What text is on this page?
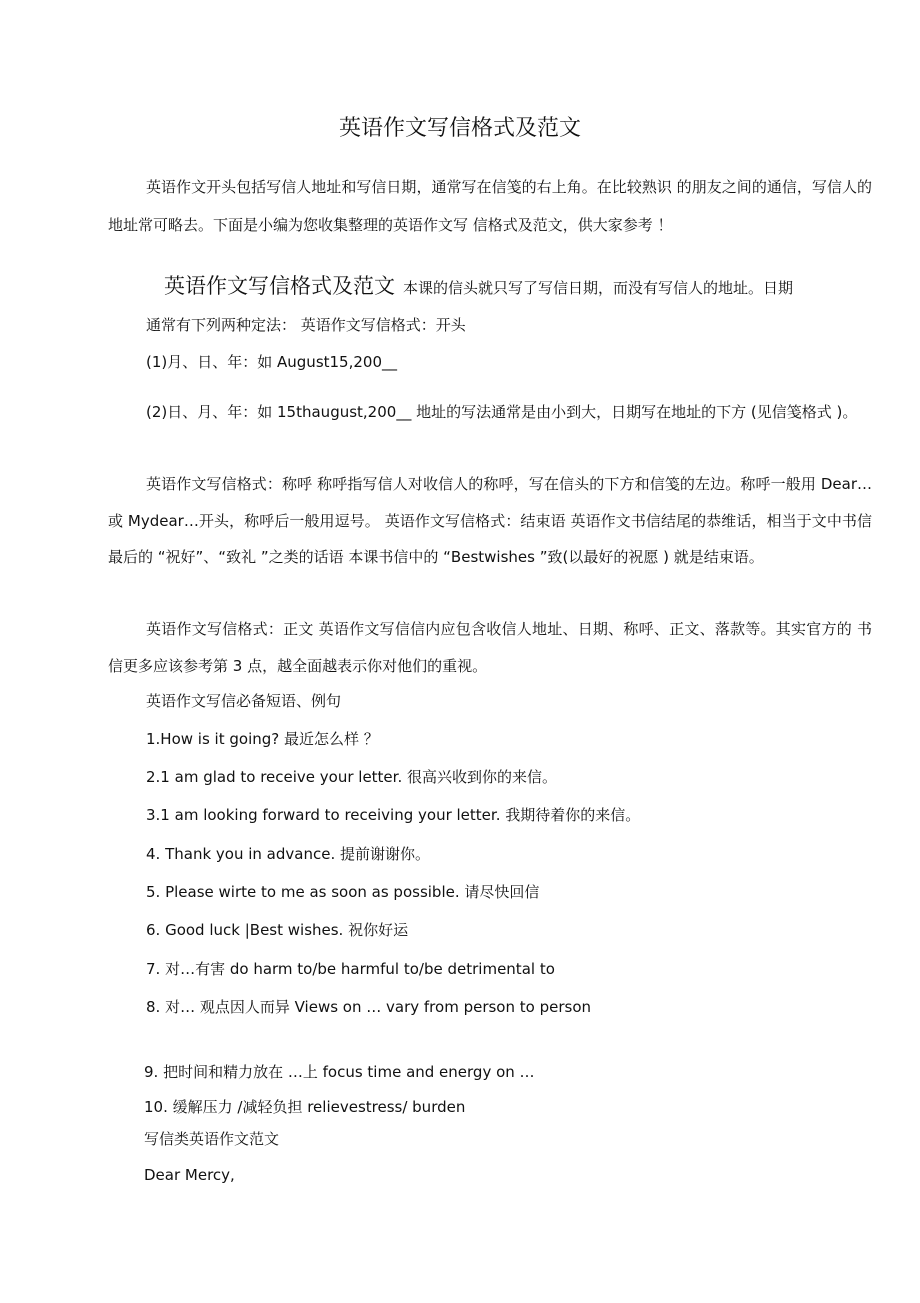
英语作文写信格式及范文
英语作文开头包括写信人地址和写信日期，通常写在信笺的右上角。在比较熟识 的朋友之间的通信，写信人的地址常可略去。下面是小编为您收集整理的英语作文写 信格式及范文，供大家参考 ！
英语作文写信格式及范文 本课的信头就只写了写信日期，而没有写信人的地址。日期
通常有下列两种定法： 英语作文写信格式：开头
(1)月、日、年：如 August15,200__
(2)日、月、年：如 15thaugust,200__ 地址的写法通常是由小到大，日期写在地址的下方 (见信笺格式 )。
英语作文写信格式：称呼 称呼指写信人对收信人的称呼，写在信头的下方和信笺的左边。称呼一般用 Dear…或 Mydear…开头，称呼后一般用逗号。 英语作文写信格式：结束语 英语作文书信结尾的恭维话，相当于文中书信最后的 “祝好”、“致礼 ”之类的话语 本课书信中的 “Bestwishes ”致(以最好的祝愿 ) 就是结束语。
英语作文写信格式：正文 英语作文写信信内应包含收信人地址、日期、称呼、正文、落款等。其实官方的 书信更多应该参考第 3 点，越全面越表示你对他们的重视。
英语作文写信必备短语、例句
1.How is it going? 最近怎么样 ？
2.1 am glad to receive your letter. 很高兴收到你的来信。
3.1 am looking forward to receiving your letter. 我期待着你的来信。
4. Thank you in advance. 提前谢谢你。
5. Please wirte to me as soon as possible. 请尽快回信
6. Good luck |Best wishes. 祝你好运
7. 对…有害 do harm to/be harmful to/be detrimental to
8. 对… 观点因人而异 Views on … vary from person to person
9. 把时间和精力放在 …上 focus time and energy on …
10. 缓解压力 /减轻负担 relievestress/ burden
写信类英语作文范文
Dear Mercy,
